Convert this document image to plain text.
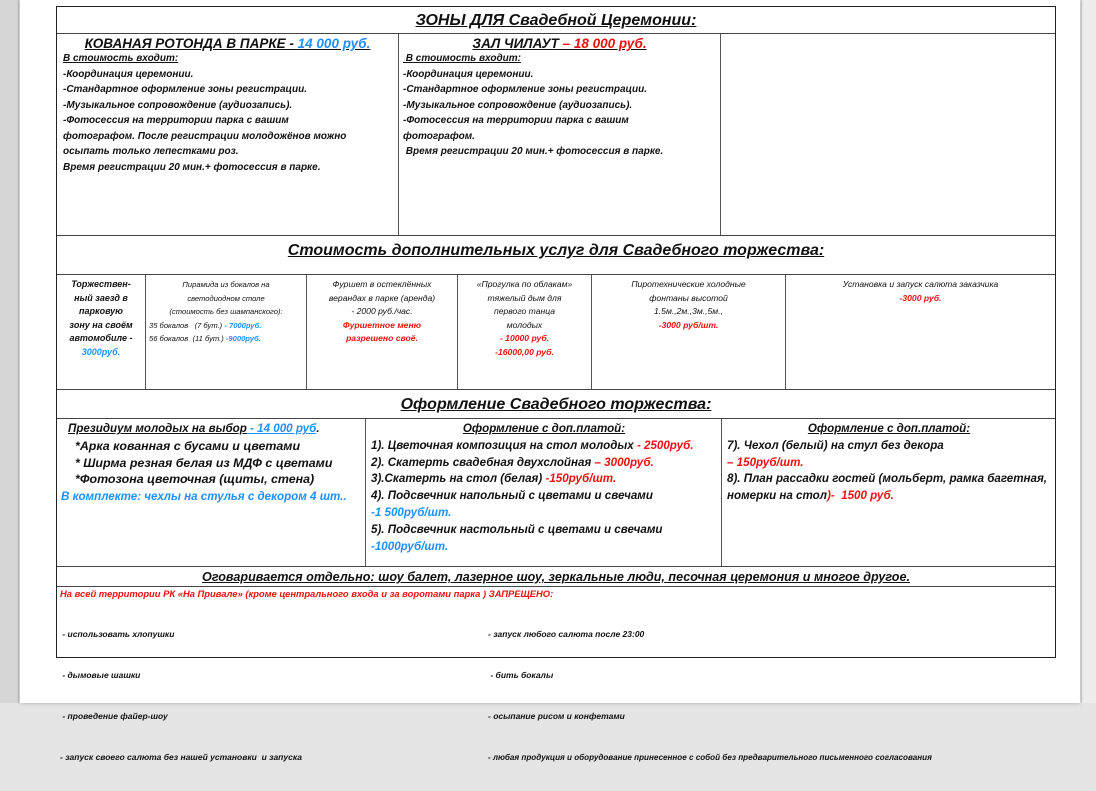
ЗОНЫ ДЛЯ Свадебной Церемонии:
КОВАНАЯ РОТОНДА В ПАРКЕ - 14 000 руб.
В стоимость входит:
-Координация церемонии.
-Стандартное оформление зоны регистрации.
-Музыкальное сопровождение (аудиозапись).
-Фотосессия на территории парка с вашим
фотографом. После регистрации молодожёнов можно
осыпать только лепестками роз.
Время регистрации 20 мин.+ фотосессия в парке.
ЗАЛ ЧИЛАУТ – 18 000 руб.
В стоимость входит:
-Координация церемонии.
-Стандартное оформление зоны регистрации.
-Музыкальное сопровождение (аудиозапись).
-Фотосессия на территории парка с вашим
фотографом.
Время регистрации 20 мин.+ фотосессия в парке.
Стоимость дополнительных услуг для Свадебного торжества:
Торжествен-
ный заезд в
парковую
зону на своём
автомобиле -
3000руб.
Пирамида из бокалов на
светодиодном столе
(стоимость без шампанского):
35 бокалов   (7 бут.) - 7000руб.
56 бокалов  (11 бут.) -9000руб.
Фуршет в остеклённых
верандах в парке (аренда)
- 2000 руб./час.
Фуршетное меню
разрешено своё.
«Прогулка по облакам»
тяжелый дым для
первого танца
молодых
- 10000 руб.
-16000,00 руб.
Пиротехнические холодные
фонтаны высотой
1.5м.,2м.,3м.,5м.,
-3000 руб/шт.
Установка и запуск салюта заказчика
-3000 руб.
Оформление Свадебного торжества:
Президиум молодых на выбор - 14 000 руб.
*Арка кованная с бусами и цветами
* Ширма резная белая из МДФ с цветами
*Фотозона цветочная (щиты, стена)
В комплекте: чехлы на стулья с декором 4 шт..
Оформление с доп.платой:
1). Цветочная композиция на стол молодых - 2500руб.
2). Скатерть свадебная двухслойная – 3000руб.
3).Скатерть на стол (белая) -150руб/шт.
4). Подсвечник напольный с цветами и свечами
-1 500руб/шт.
5). Подсвечник настольный с цветами и свечами
-1000руб/шт.
Оформление с доп.платой:
7). Чехол (белый) на стул без декора
– 150руб/шт.
8). План рассадки гостей (мольберт, рамка багетная, номерки на стол)-  1500 руб.
Оговаривается отдельно: шоу балет, лазерное шоу, зеркальные люди, песочная церемония и многое другое.
На всей территории РК «На Привале» (кроме центрального входа и за воротами парка ) ЗАПРЕЩЕНО:

- использовать хлопушки

- дымовые шашки

- проведение файер-шоу

- запуск своего салюта без нашей установки  и запуска

- запуск любого салюта после 23:00

- бить бокалы

- осыпание рисом и конфетами

- любая продукция и оборудование принесенное с собой без предварительного письменного согласования
